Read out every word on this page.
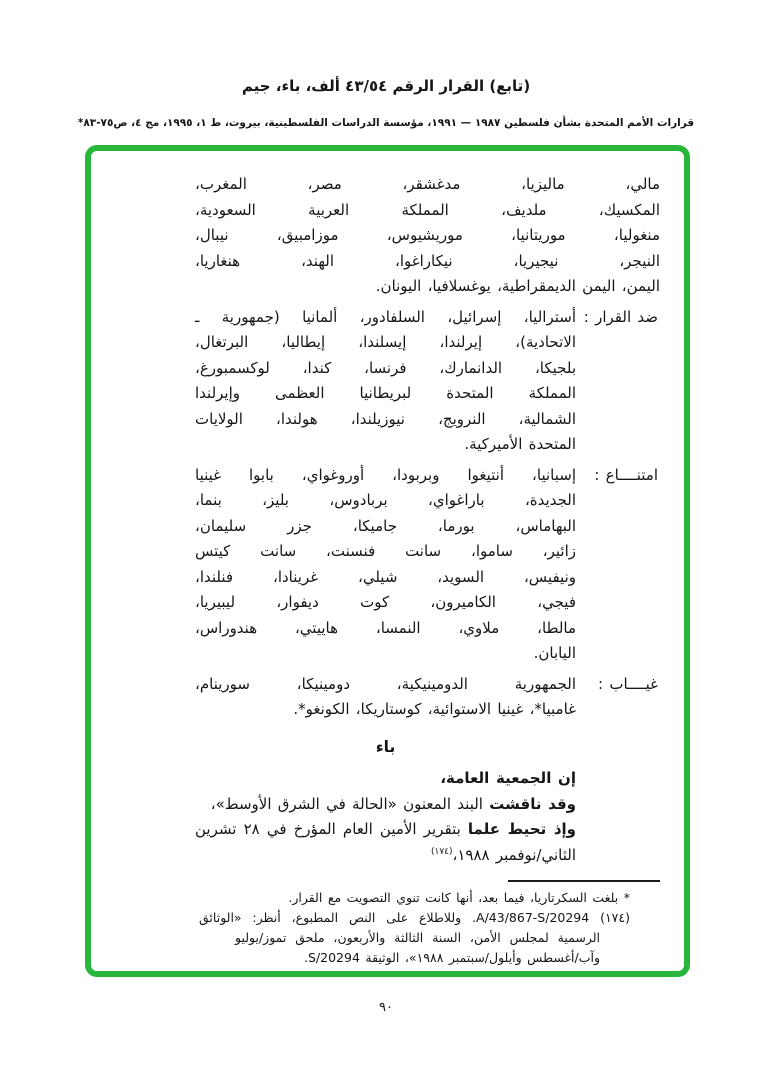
(تابع) القرار الرقم ٤٣/٥٤ ألف، باء، جيم
قرارات الأمم المتحدة بشأن فلسطين ١٩٨٧ — ١٩٩١، مؤسسة الدراسات الفلسطينية، بيروت، ط ١، ١٩٩٥، مج ٤، ص٧٥-٨٣*
مالي، ماليزيا، مدغشقر، مصر، المغرب،
المكسيك، ملديف، المملكة العربية السعودية،
منغوليا، موريتانيا، موريشيوس، موزامبيق، نيبال،
النيجر، نيجيريا، نيكاراغوا، الهند، هنغاريا،
اليمن، اليمن الديمقراطية، يوغسلافيا، اليونان.
ضد القرار :
أستراليا، إسرائيل، السلفادور، ألمانيا (جمهورية ـ
الاتحادية)، إيرلندا، إيسلندا، إيطاليا، البرتغال،
بلجيكا، الدانمارك، فرنسا، كندا، لوكسمبورغ،
المملكة المتحدة لبريطانيا العظمى وإيرلندا
الشمالية، النرويج، نيوزيلندا، هولندا، الولايات
المتحدة الأميركية.
امتنــــاع :
إسبانيا، أنتيغوا وبربودا، أوروغواي، بابوا غينيا
الجديدة، باراغواي، بربادوس، بليز، بنما،
البهاماس، بورما، جاميكا، جزر سليمان،
زائير، ساموا، سانت فنسنت، سانت كيتس
ونيفيس، السويد، شيلي، غرينادا، فنلندا،
فيجي، الكاميرون، كوت ديفوار، ليبيريا،
مالطا، ملاوي، النمسا، هاييتي، هندوراس،
اليابان.
غيــــاب :
الجمهورية الدومينيكية، دومينيكا، سورينام،
غامبيا*، غينيا الاستوائية، كوستاريكا، الكونغو*.
باء

إن الجمعية العامة،

وقد ناقشت البند المعنون «الحالة في الشرق الأوسط»،

وإذ تحيط علما بتقرير الأمين العام المؤرخ في ٢٨ تشرين

الثاني/نوفمبر ١٩٨٨،$^{(١٧٤)}$

* بلغت السكرتاريا، فيما بعد، أنها كانت تنوي التصويت مع القرار.
(١٧٤) A/43/867-S/20294. وللاطلاع على النص المطبوع، أنظر: «الوثائق
الرسمية لمجلس الأمن، السنة الثالثة والأربعون، ملحق تموز/يوليو
وآب/أغسطس وأيلول/سبتمبر ١٩٨٨»، الوثيقة S/20294.
٩٠
